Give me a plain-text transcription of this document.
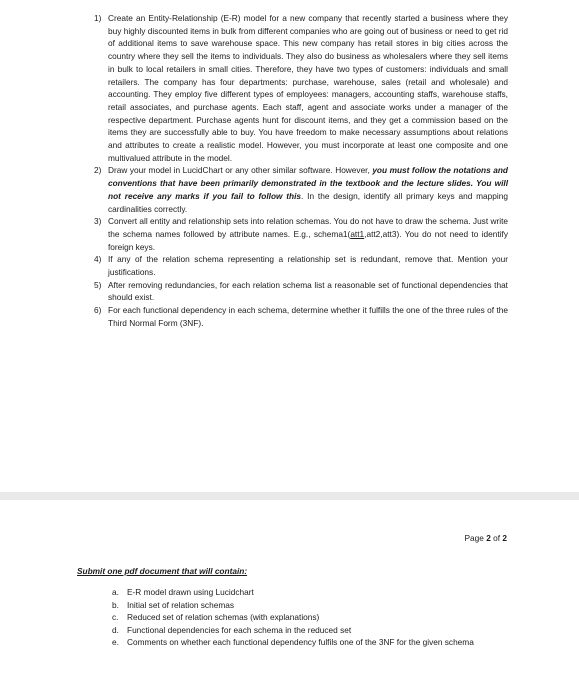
1) Create an Entity-Relationship (E-R) model for a new company that recently started a business where they buy highly discounted items in bulk from different companies who are going out of business or need to get rid of additional items to save warehouse space. This new company has retail stores in big cities across the country where they sell the items to individuals. They also do business as wholesalers where they sell items in bulk to local retailers in small cities. Therefore, they have two types of customers: individuals and small retailers. The company has four departments: purchase, warehouse, sales (retail and wholesale) and accounting. They employ five different types of employees: managers, accounting staffs, warehouse staffs, retail associates, and purchase agents. Each staff, agent and associate works under a manager of the respective department. Purchase agents hunt for discount items, and they get a commission based on the items they are successfully able to buy. You have freedom to make necessary assumptions about relations and attributes to create a realistic model. However, you must incorporate at least one composite and one multivalued attribute in the model.
2) Draw your model in LucidChart or any other similar software. However, you must follow the notations and conventions that have been primarily demonstrated in the textbook and the lecture slides. You will not receive any marks if you fail to follow this. In the design, identify all primary keys and mapping cardinalities correctly.
3) Convert all entity and relationship sets into relation schemas. You do not have to draw the schema. Just write the schema names followed by attribute names. E.g., schema1(att1,att2,att3). You do not need to identify foreign keys.
4) If any of the relation schema representing a relationship set is redundant, remove that. Mention your justifications.
5) After removing redundancies, for each relation schema list a reasonable set of functional dependencies that should exist.
6) For each functional dependency in each schema, determine whether it fulfills the one of the three rules of the Third Normal Form (3NF).
Page 2 of 2
Submit one pdf document that will contain:
a. E-R model drawn using Lucidchart
b. Initial set of relation schemas
c.	Reduced set of relation schemas (with explanations)
d. Functional dependencies for each schema in the reduced set
e. Comments on whether each functional dependency fulfils one of the 3NF for the given schema
